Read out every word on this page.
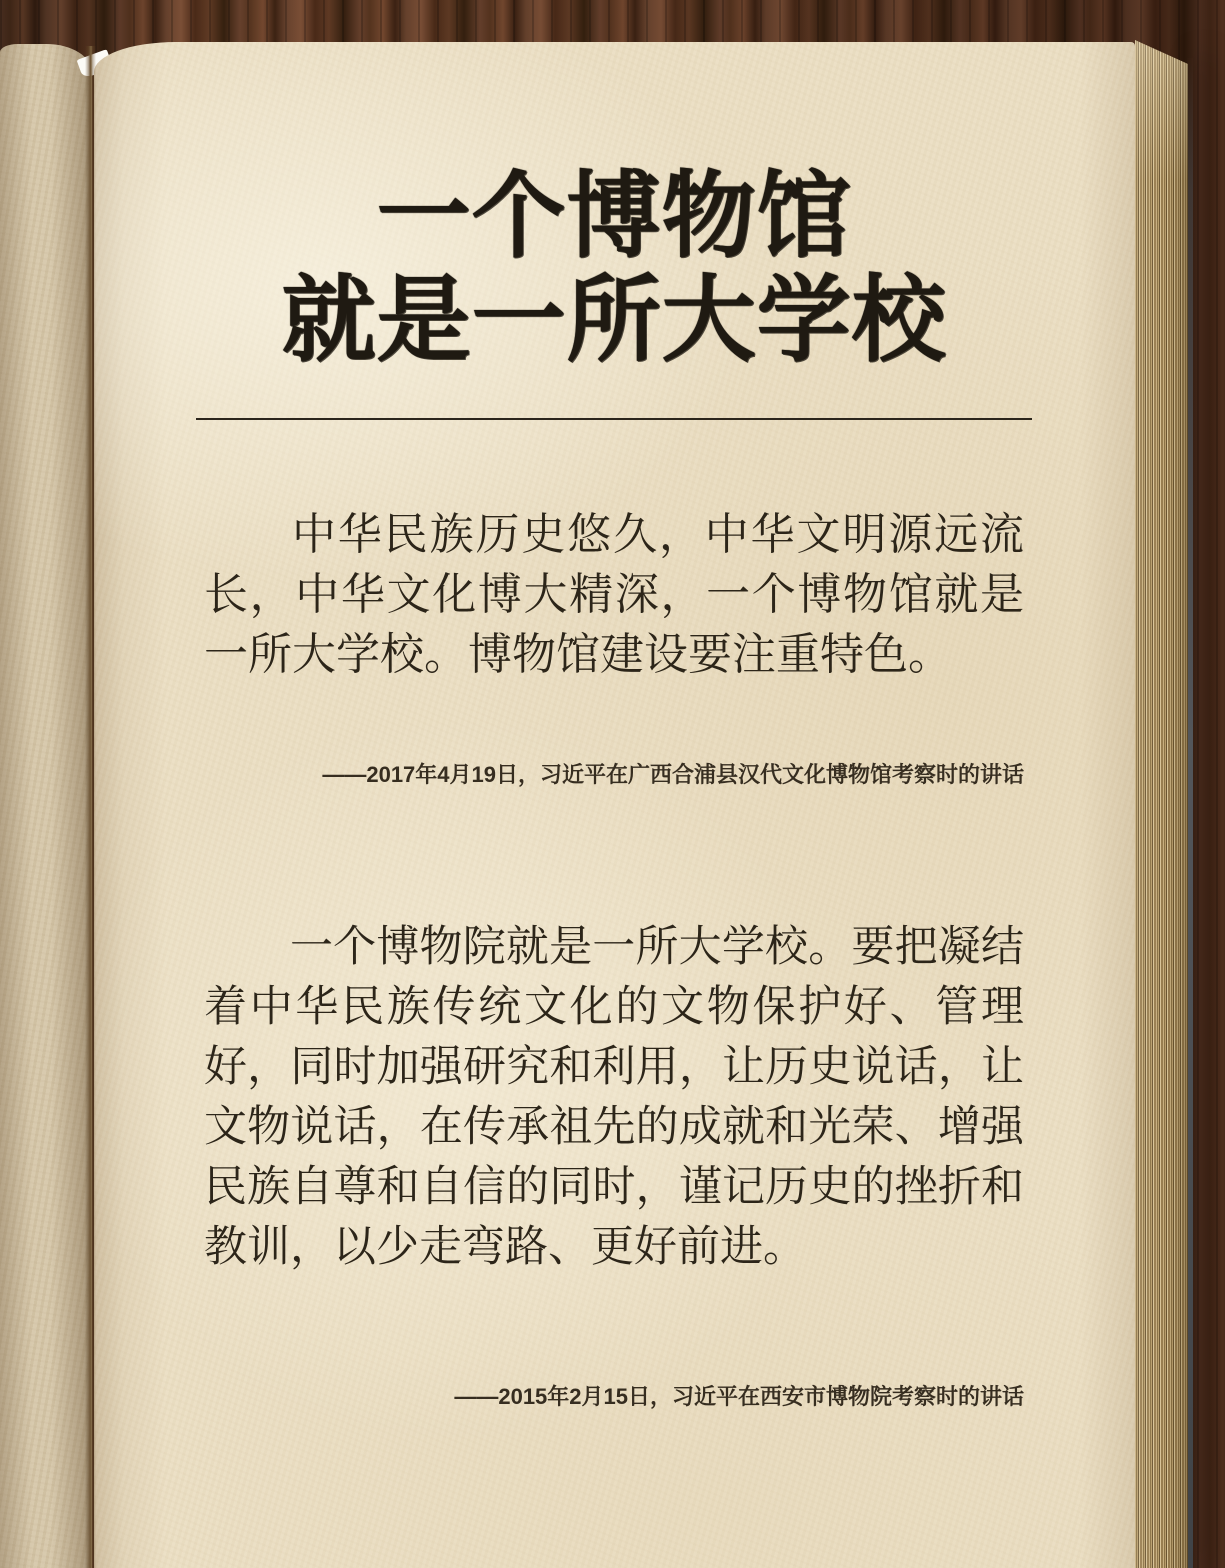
一个博物馆
就是一所大学校

中华民族历史悠久，中华文明源远流长，中华文化博大精深，一个博物馆就是一所大学校。博物馆建设要注重特色。

——2017年4月19日，习近平在广西合浦县汉代文化博物馆考察时的讲话

一个博物院就是一所大学校。要把凝结着中华民族传统文化的文物保护好、管理好，同时加强研究和利用，让历史说话，让文物说话，在传承祖先的成就和光荣、增强民族自尊和自信的同时，谨记历史的挫折和教训，以少走弯路、更好前进。

——2015年2月15日，习近平在西安市博物院考察时的讲话
